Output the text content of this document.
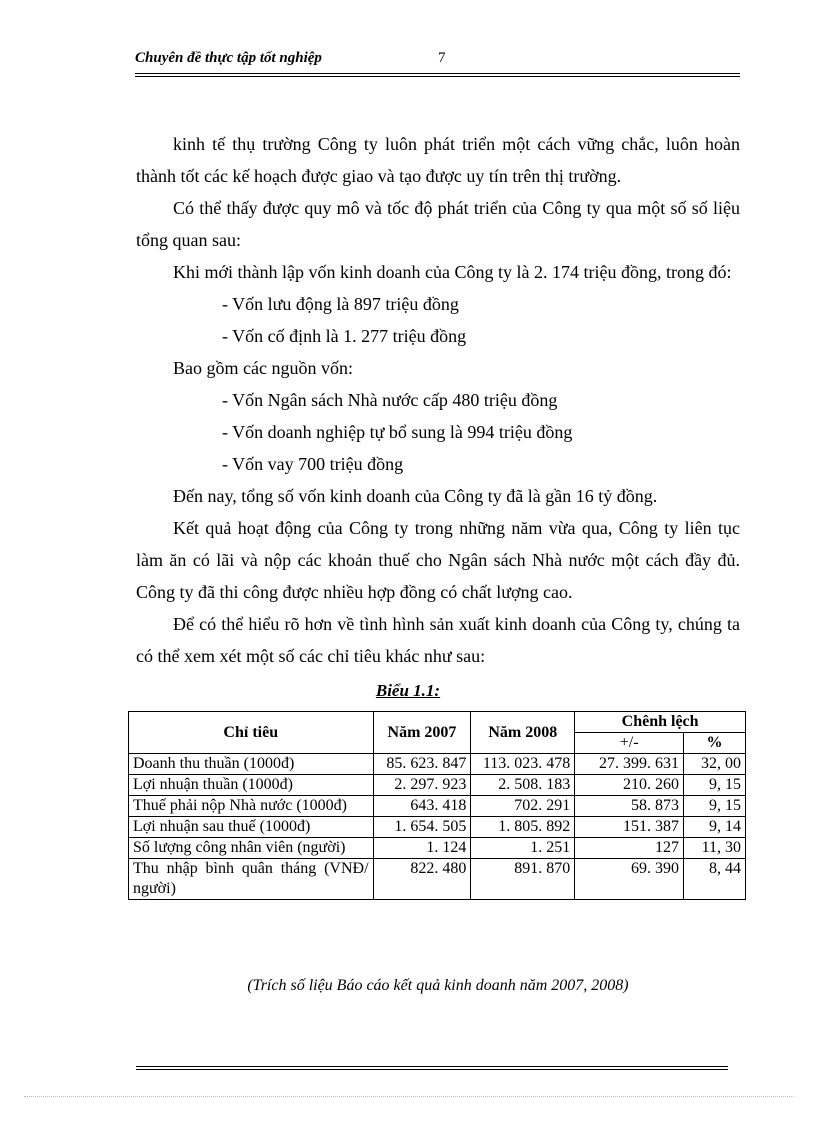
Chuyên đề thực tập tốt nghiệp	7

kinh tế thụ trường Công ty luôn phát triển một cách vững chắc, luôn hoàn thành tốt các kế hoạch được giao và tạo được uy tín trên thị trường.

Có thể thấy được quy mô và tốc độ phát triển của Công ty qua một số số liệu tổng quan sau:

Khi mới thành lập vốn kinh doanh của Công ty là 2. 174 triệu đồng, trong đó:

- Vốn lưu động là 897 triệu đồng

- Vốn cố định là 1. 277 triệu đồng

Bao gồm các nguồn vốn:

- Vốn Ngân sách Nhà nước cấp 480 triệu đồng

- Vốn doanh nghiệp tự bổ sung là 994 triệu đồng

- Vốn vay 700 triệu đồng

Đến nay, tổng số vốn kinh doanh của Công ty đã là gần 16 tỷ đồng.

Kết quả hoạt động của Công ty trong những năm vừa qua, Công ty liên tục làm ăn có lãi và nộp các khoản thuế cho Ngân sách Nhà nước một cách đầy đủ. Công ty đã thi công được nhiều hợp đồng có chất lượng cao.

Để có thể hiểu rõ hơn về tình hình sản xuất kinh doanh của Công ty, chúng ta có thể xem xét một số các chỉ tiêu khác như sau:

Biểu 1.1:
Chỉ tiêu	Năm 2007	Năm 2008	Chênh lệch	
			+/-	%
Doanh thu thuần (1000đ)	85. 623. 847	113. 023. 478	27. 399. 631	32, 00
Lợi nhuận thuần (1000đ)	2. 297. 923	2. 508. 183	210. 260	9, 15
Thuế phải nộp Nhà nước (1000đ)	643. 418	702. 291	58. 873	9, 15
Lợi nhuận sau thuế (1000đ)	1. 654. 505	1. 805. 892	151. 387	9, 14
Số lượng công nhân viên (người)	1. 124	1. 251	127	11, 30
Thu nhập bình quân tháng (VNĐ/ người)	822. 480	891. 870	69. 390	8, 44
(Trích số liệu Báo cáo kết quả kinh doanh năm 2007, 2008)
